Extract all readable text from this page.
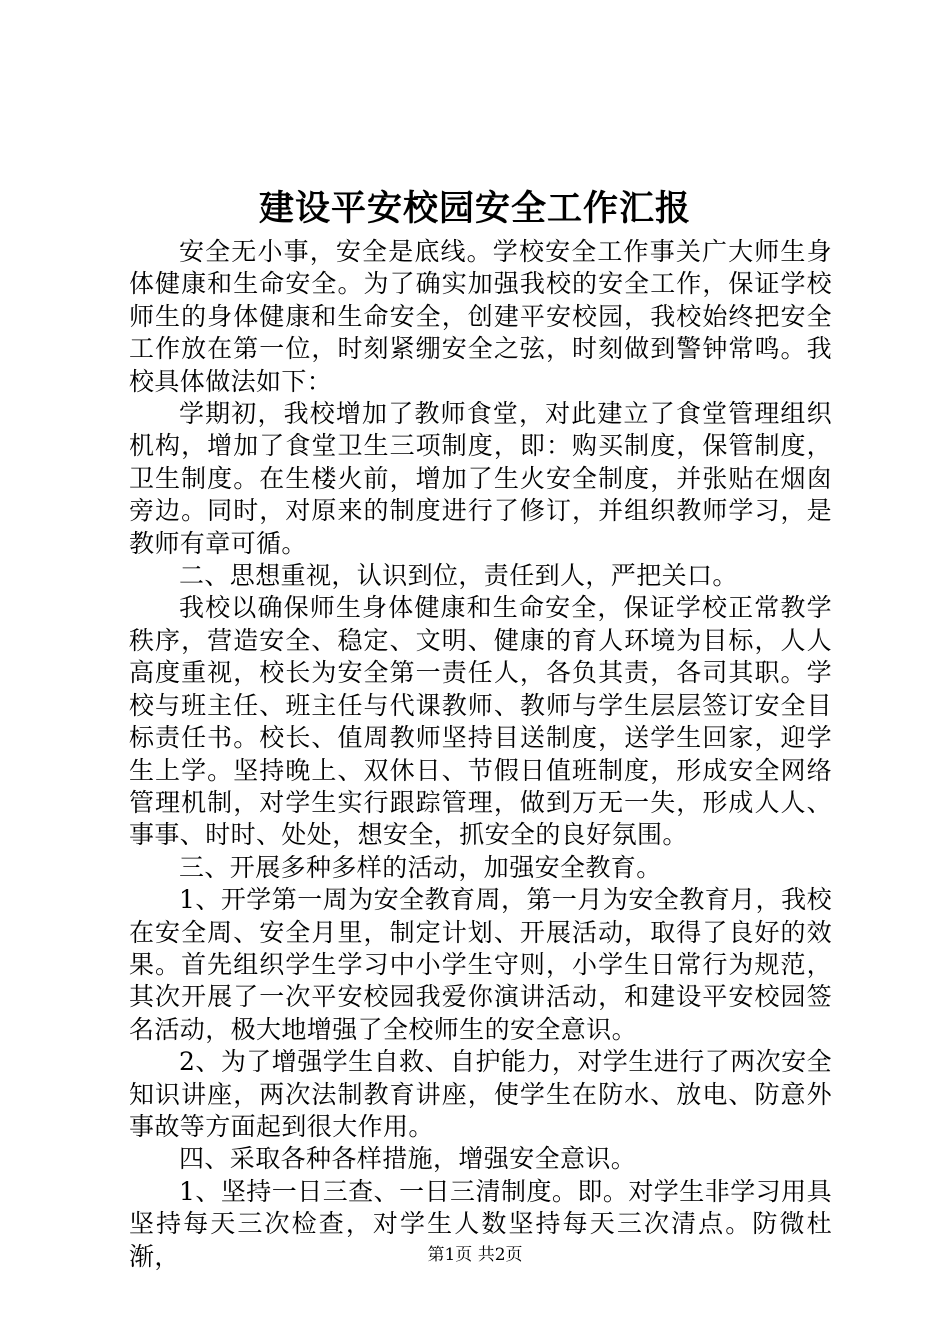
建设平安校园安全工作汇报

安全无小事，安全是底线。学校安全工作事关广大师生身体健康和生命安全。为了确实加强我校的安全工作，保证学校师生的身体健康和生命安全，创建平安校园，我校始终把安全工作放在第一位，时刻紧绷安全之弦，时刻做到警钟常鸣。我校具体做法如下：

学期初，我校增加了教师食堂，对此建立了食堂管理组织机构，增加了食堂卫生三项制度，即：购买制度，保管制度，卫生制度。在生楼火前，增加了生火安全制度，并张贴在烟囱旁边。同时，对原来的制度进行了修订，并组织教师学习，是教师有章可循。

二、思想重视，认识到位，责任到人，严把关口。

我校以确保师生身体健康和生命安全，保证学校正常教学秩序，营造安全、稳定、文明、健康的育人环境为目标，人人高度重视，校长为安全第一责任人，各负其责，各司其职。学校与班主任、班主任与代课教师、教师与学生层层签订安全目标责任书。校长、值周教师坚持目送制度，送学生回家，迎学生上学。坚持晚上、双休日、节假日值班制度，形成安全网络管理机制，对学生实行跟踪管理，做到万无一失，形成人人、事事、时时、处处，想安全，抓安全的良好氛围。

三、开展多种多样的活动，加强安全教育。

1、开学第一周为安全教育周，第一月为安全教育月，我校在安全周、安全月里，制定计划、开展活动，取得了良好的效果。首先组织学生学习中小学生守则，小学生日常行为规范，其次开展了一次平安校园我爱你演讲活动，和建设平安校园签名活动，极大地增强了全校师生的安全意识。

2、为了增强学生自救、自护能力，对学生进行了两次安全知识讲座，两次法制教育讲座，使学生在防水、放电、防意外事故等方面起到很大作用。

四、采取各种各样措施，增强安全意识。

1、坚持一日三查、一日三清制度。即。对学生非学习用具坚持每天三次检查，对学生人数坚持每天三次清点。防微杜渐，	第1页 共2页
